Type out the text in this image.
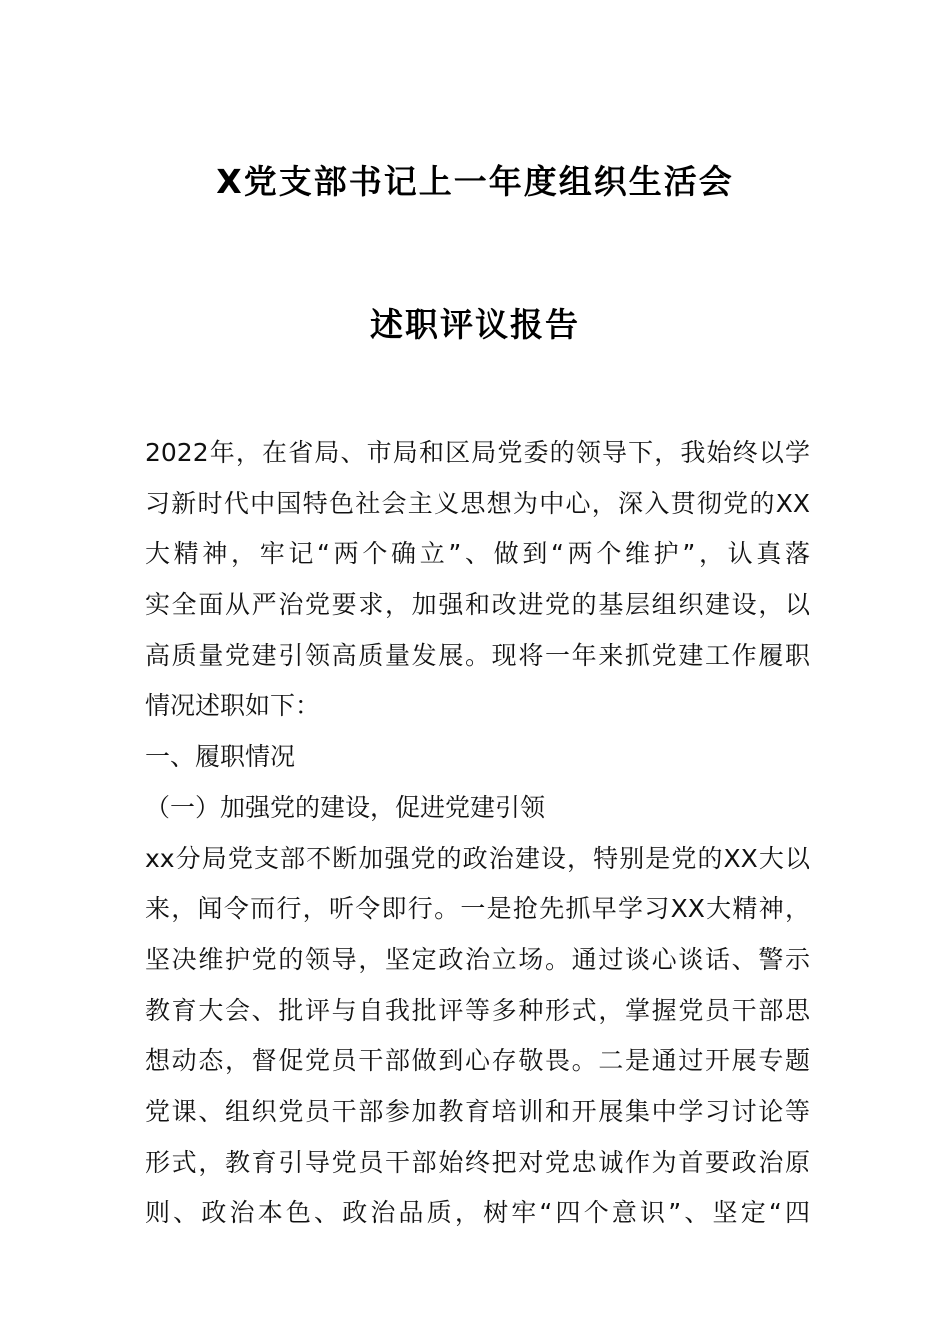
X党支部书记上一年度组织生活会
述职评议报告
2022年，在省局、市局和区局党委的领导下，我始终以学
习新时代中国特色社会主义思想为中心，深入贯彻党的XX
大精神，牢记“两个确立”、做到“两个维护”，认真落
实全面从严治党要求，加强和改进党的基层组织建设，以
高质量党建引领高质量发展。现将一年来抓党建工作履职
情况述职如下：
一、履职情况
（一）加强党的建设，促进党建引领
xx分局党支部不断加强党的政治建设，特别是党的XX大以
来，闻令而行，听令即行。一是抢先抓早学习XX大精神，
坚决维护党的领导，坚定政治立场。通过谈心谈话、警示
教育大会、批评与自我批评等多种形式，掌握党员干部思
想动态，督促党员干部做到心存敬畏。二是通过开展专题
党课、组织党员干部参加教育培训和开展集中学习讨论等
形式，教育引导党员干部始终把对党忠诚作为首要政治原
则、政治本色、政治品质，树牢“四个意识”、坚定“四
